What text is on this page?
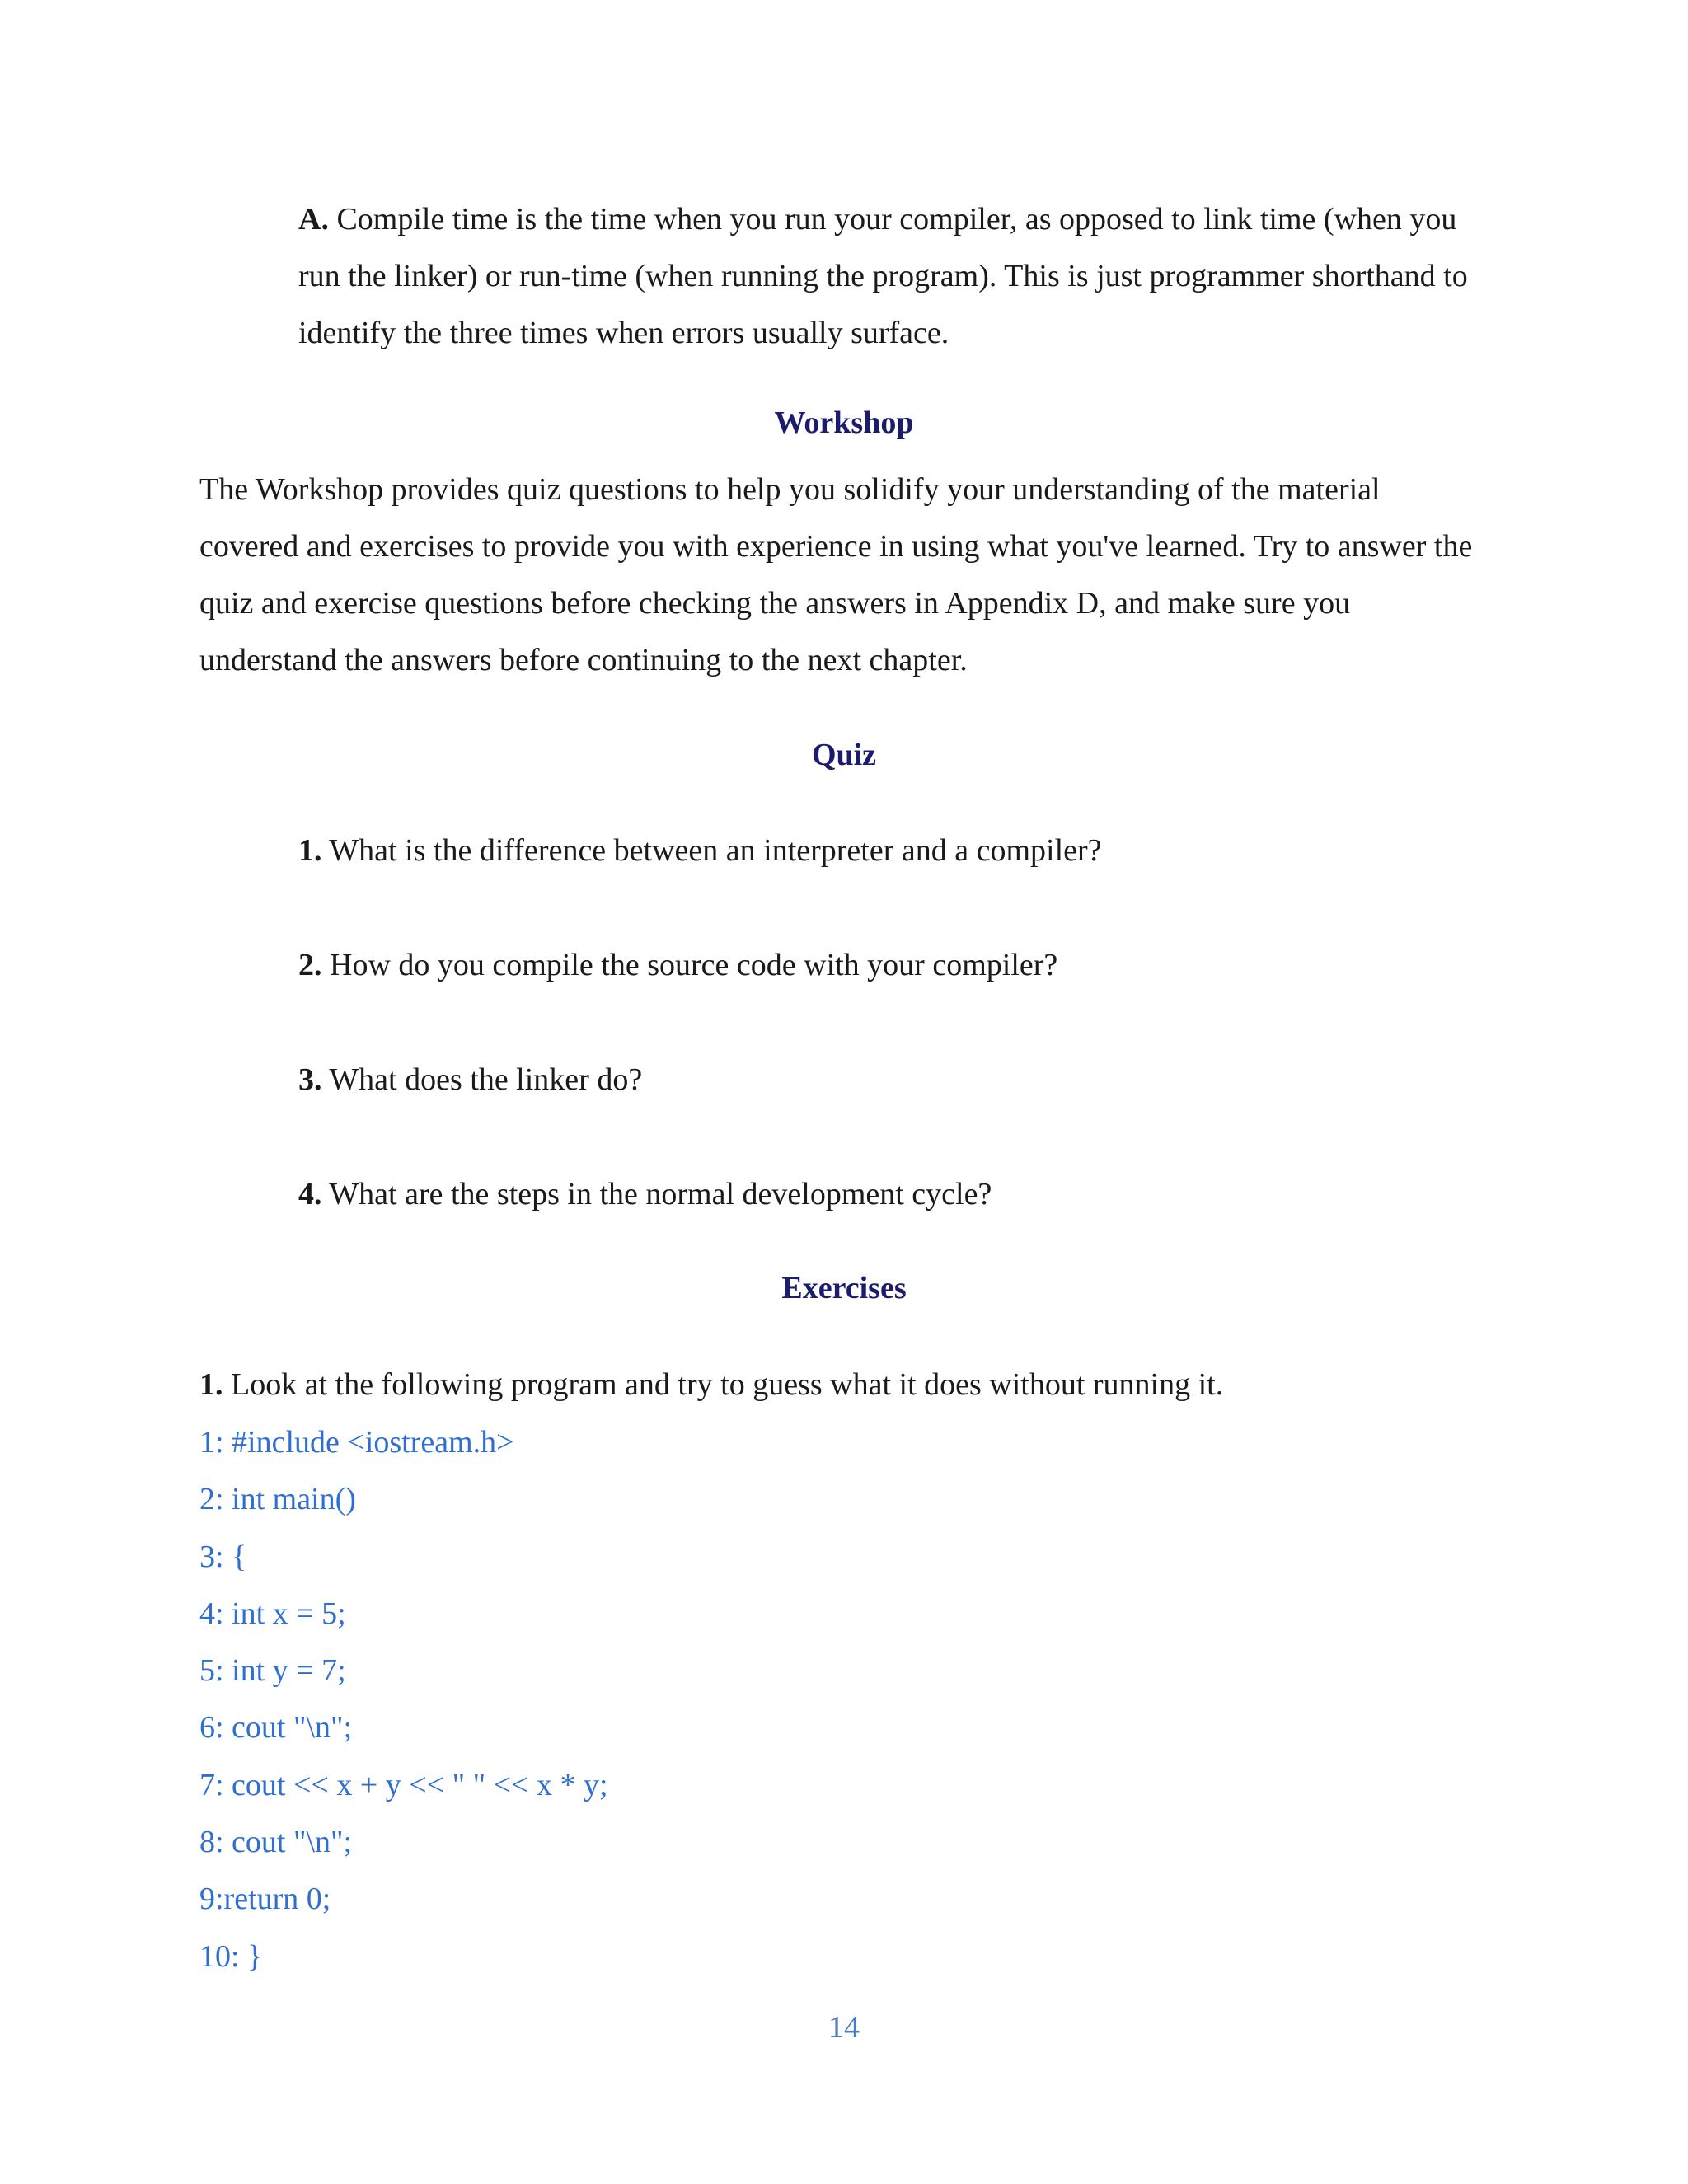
A. Compile time is the time when you run your compiler, as opposed to link time (when you run the linker) or run-time (when running the program). This is just programmer shorthand to identify the three times when errors usually surface.

Workshop

The Workshop provides quiz questions to help you solidify your understanding of the material covered and exercises to provide you with experience in using what you've learned. Try to answer the quiz and exercise questions before checking the answers in Appendix D, and make sure you understand the answers before continuing to the next chapter.

Quiz

1. What is the difference between an interpreter and a compiler?

2. How do you compile the source code with your compiler?

3. What does the linker do?

4. What are the steps in the normal development cycle?

Exercises

1. Look at the following program and try to guess what it does without running it.

1: #include <iostream.h>
2: int main()
3: {
4: int x = 5;
5: int y = 7;
6: cout "\n";
7: cout << x + y << " " << x * y;
8: cout "\n";
9:return 0;
10: }

14
